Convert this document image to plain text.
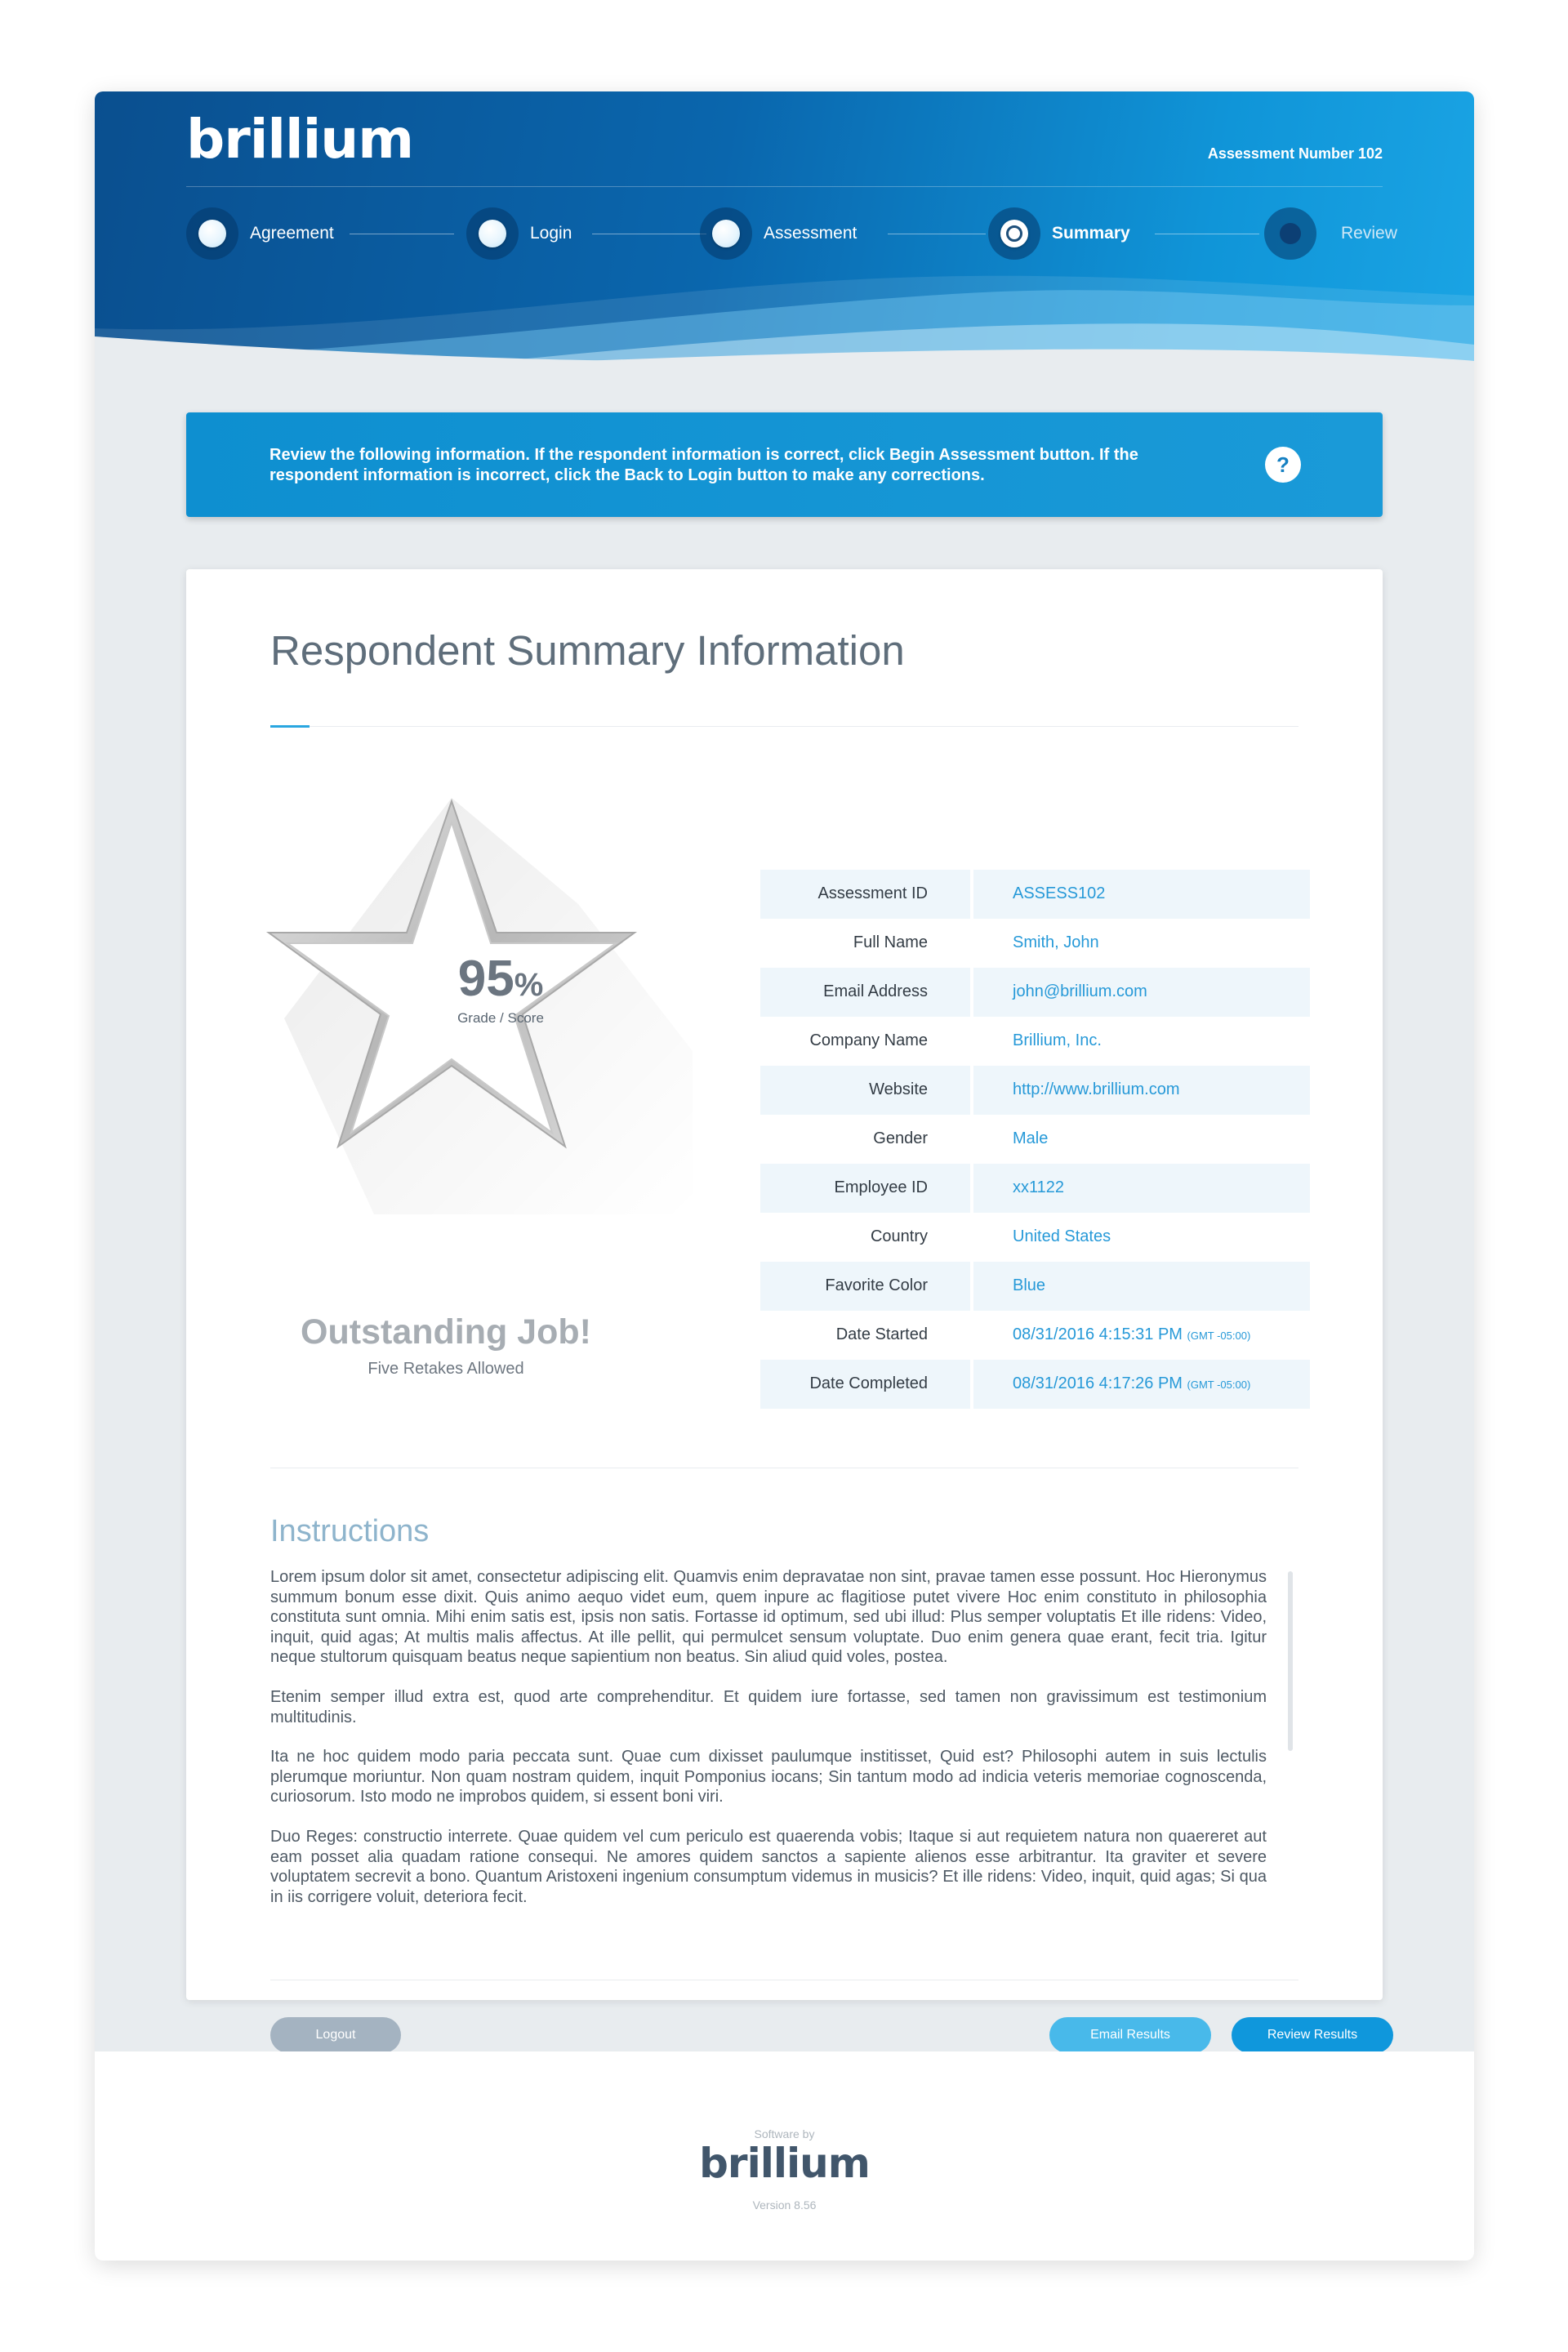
brillium	Assessment Number 102
Agreement	Login	Assessment	Summary	Review
Review the following information. If the respondent information is correct, click Begin Assessment button. If the respondent information is incorrect, click the Back to Login button to make any corrections.	?
Respondent Summary Information
95%
Grade / Score
Outstanding Job!
Five Retakes Allowed
Assessment ID	ASSESS102
Full Name	Smith, John
Email Address	john@brillium.com
Company Name	Brillium, Inc.
Website	http://www.brillium.com
Gender	Male
Employee ID	xx1122
Country	United States
Favorite Color	Blue
Date Started	08/31/2016 4:15:31 PM (GMT -05:00)
Date Completed	08/31/2016 4:17:26 PM (GMT -05:00)
Instructions

Lorem ipsum dolor sit amet, consectetur adipiscing elit. Quamvis enim depravatae non sint, pravae tamen esse possunt. Hoc Hieronymus summum bonum esse dixit. Quis animo aequo videt eum, quem inpure ac flagitiose putet vivere Hoc enim constituto in philosophia constituta sunt omnia. Mihi enim satis est, ipsis non satis. Fortasse id optimum, sed ubi illud: Plus semper voluptatis Et ille ridens: Video, inquit, quid agas; At multis malis affectus. At ille pellit, qui permulcet sensum voluptate. Duo enim genera quae erant, fecit tria. Igitur neque stultorum quisquam beatus neque sapientium non beatus. Sin aliud quid voles, postea.

Etenim semper illud extra est, quod arte comprehenditur. Et quidem iure fortasse, sed tamen non gravissimum est testimonium multitudinis.

Ita ne hoc quidem modo paria peccata sunt. Quae cum dixisset paulumque institisset, Quid est? Philosophi autem in suis lectulis plerumque moriuntur. Non quam nostram quidem, inquit Pomponius iocans; Sin tantum modo ad indicia veteris memoriae cognoscenda, curiosorum. Isto modo ne improbos quidem, si essent boni viri.

Duo Reges: constructio interrete. Quae quidem vel cum periculo est quaerenda vobis; Itaque si aut requietem natura non quaereret aut eam posset alia quadam ratione consequi. Ne amores quidem sanctos a sapiente alienos esse arbitrantur. Ita graviter et severe voluptatem secrevit a bono. Quantum Aristoxeni ingenium consumptum videmus in musicis? Et ille ridens: Video, inquit, quid agas; Si qua in iis corrigere voluit, deteriora fecit.

Logout	Email Results	Review Results
Software by
brillium
Version 8.56
